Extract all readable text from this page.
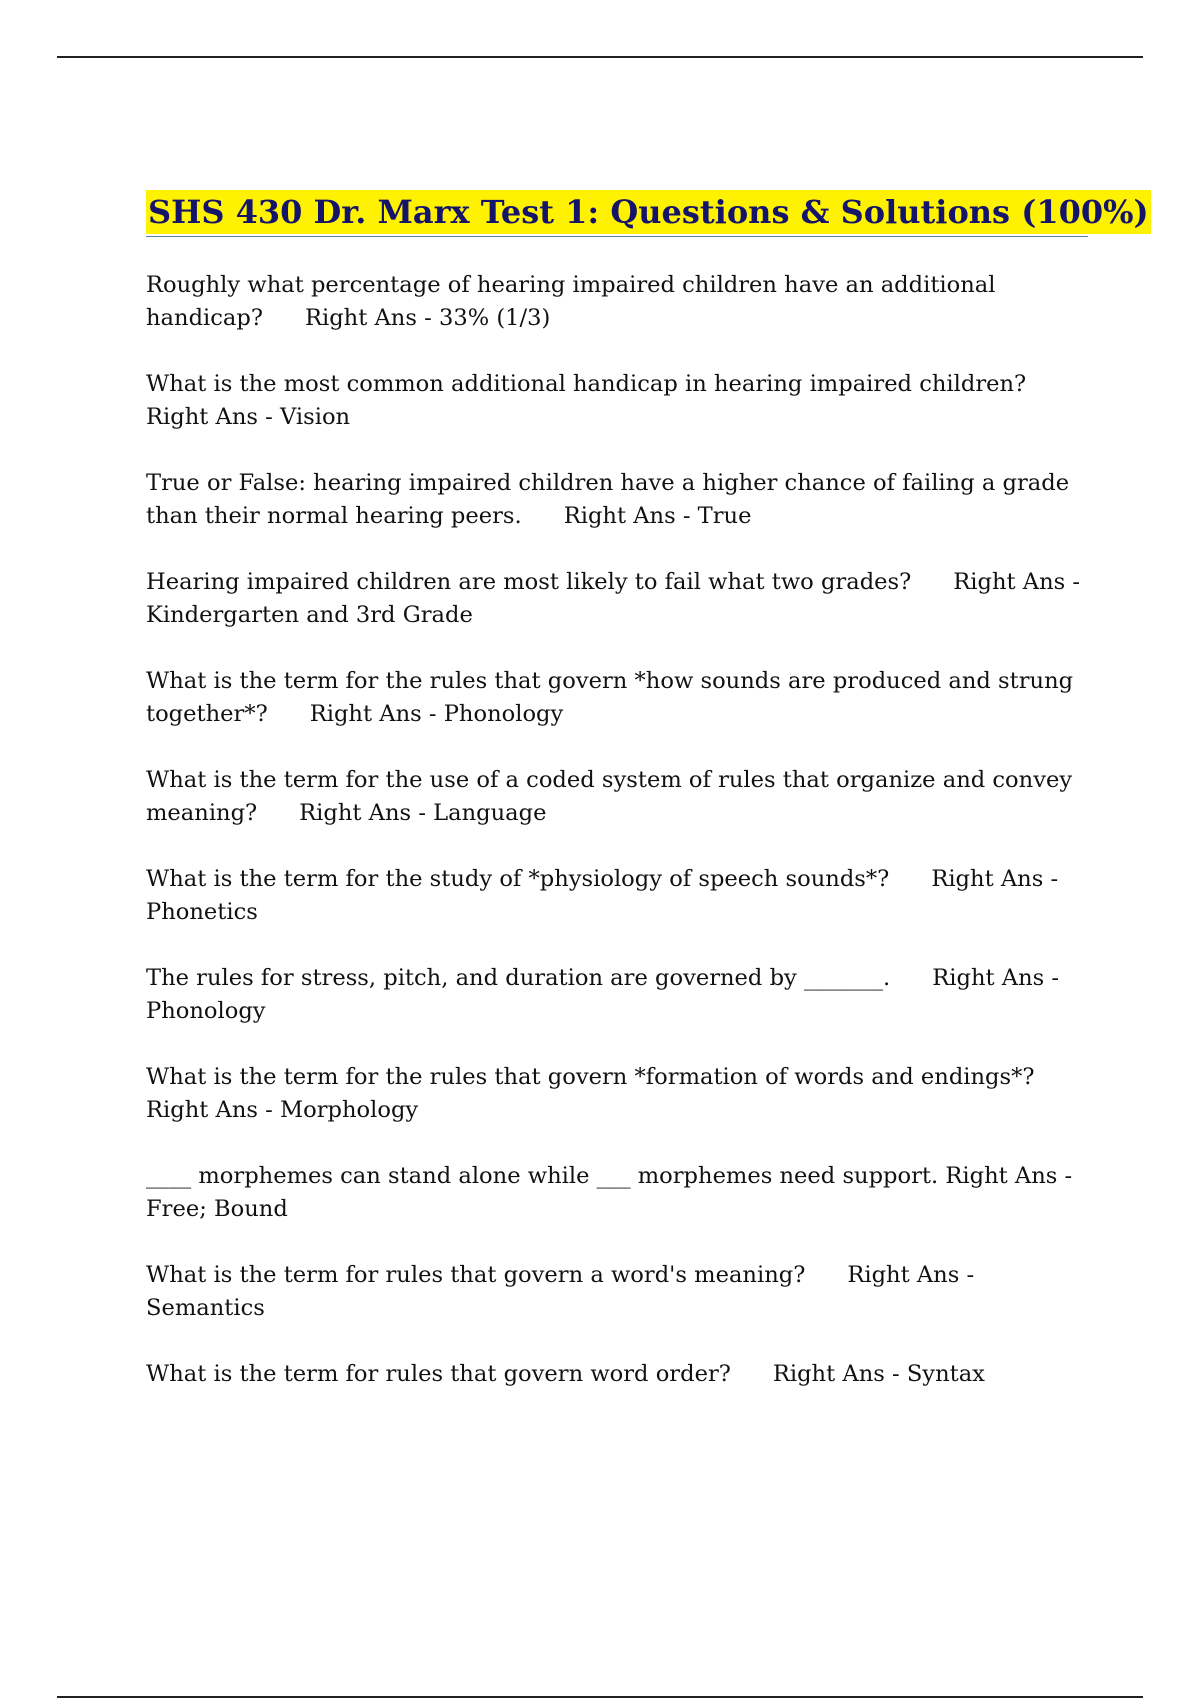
SHS 430 Dr. Marx Test 1: Questions & Solutions (100%)

Roughly what percentage of hearing impaired children have an additional handicap? Right Ans - 33% (1/3)

What is the most common additional handicap in hearing impaired children? Right Ans - Vision

True or False: hearing impaired children have a higher chance of failing a grade than their normal hearing peers. Right Ans - True

Hearing impaired children are most likely to fail what two grades? Right Ans - Kindergarten and 3rd Grade

What is the term for the rules that govern *how sounds are produced and strung together*? Right Ans - Phonology

What is the term for the use of a coded system of rules that organize and convey meaning? Right Ans - Language

What is the term for the study of *physiology of speech sounds*? Right Ans - Phonetics

The rules for stress, pitch, and duration are governed by _______. Right Ans - Phonology

What is the term for the rules that govern *formation of words and endings*? Right Ans - Morphology

____ morphemes can stand alone while ___ morphemes need support. Right Ans - Free; Bound

What is the term for rules that govern a word's meaning? Right Ans - Semantics

What is the term for rules that govern word order? Right Ans - Syntax
